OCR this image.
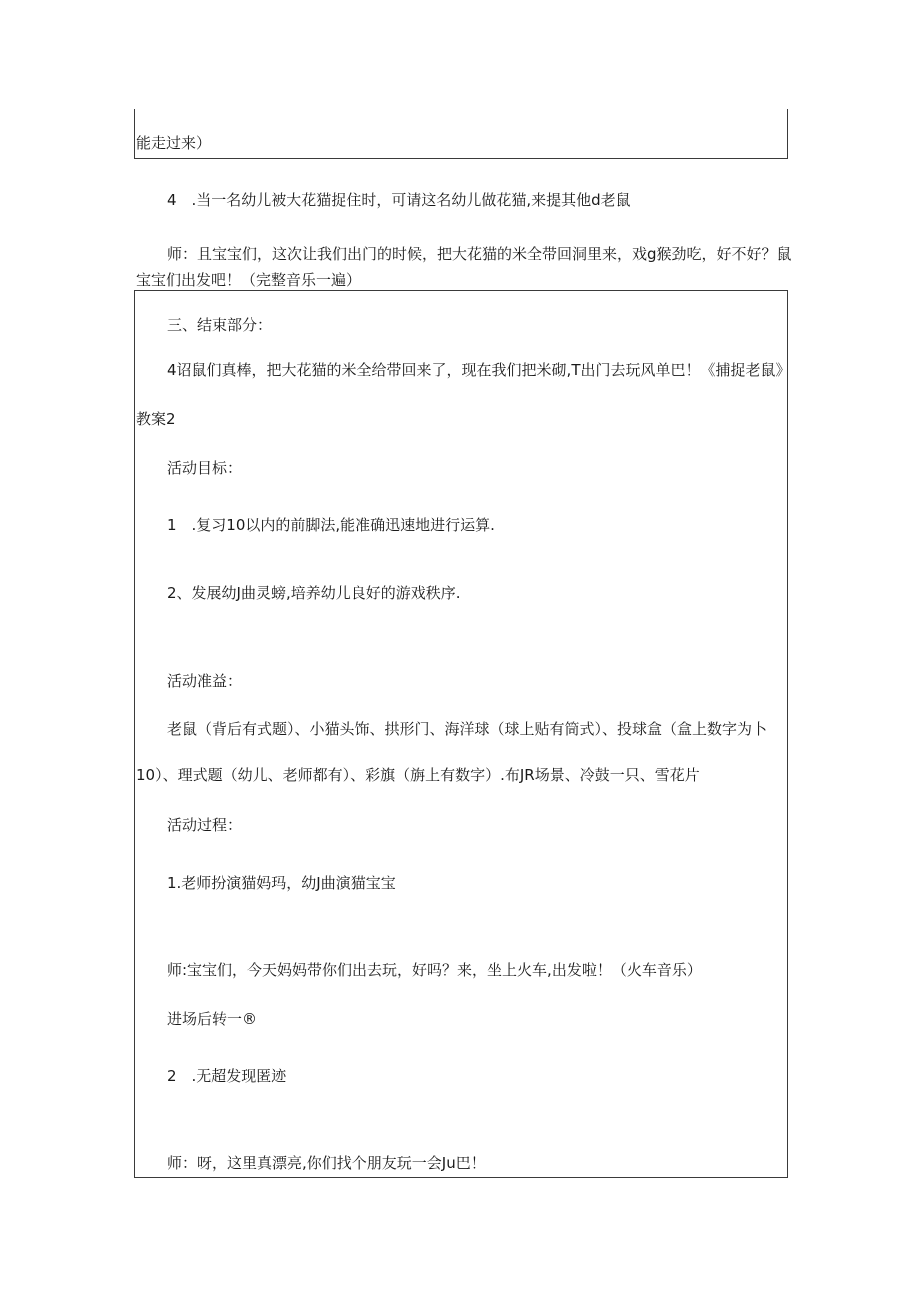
能走过来）
4　.当一名幼儿被大花猫捉住时，可请这名幼儿做花猫,来提其他d老鼠
师：且宝宝们，这次让我们出门的时候，把大花猫的米全带回洞里来，戏g猴劲吃，好不好？鼠
宝宝们出发吧！（完整音乐一遍）
三、结束部分：
4诏鼠们真棒，把大花猫的米全给带回来了，现在我们把米砌,T出门去玩风单巴！《捕捉老鼠》
教案2
活动目标：
1　.复习10以内的前脚法,能准确迅速地进行运算.
2、发展幼J曲灵螃,培养幼儿良好的游戏秩序.
活动准益：
老鼠（背后有式题）、小猫头饰、拱形门、海洋球（球上贴有筒式）、投球盒（盒上数字为卜
10）、理式题（幼儿、老师都有）、彩旗（旃上有数字）.布JR场景、冷鼓一只、雪花片
活动过程：
1.老师扮演猫妈玛，幼J曲演猫宝宝
师:宝宝们，今天妈妈带你们出去玩，好吗？来，坐上火车,出发啦！（火车音乐）
进场后转一®
2　.无超发现匿迹
师：呀，这里真漂亮,你们找个朋友玩一会Ju巴！
